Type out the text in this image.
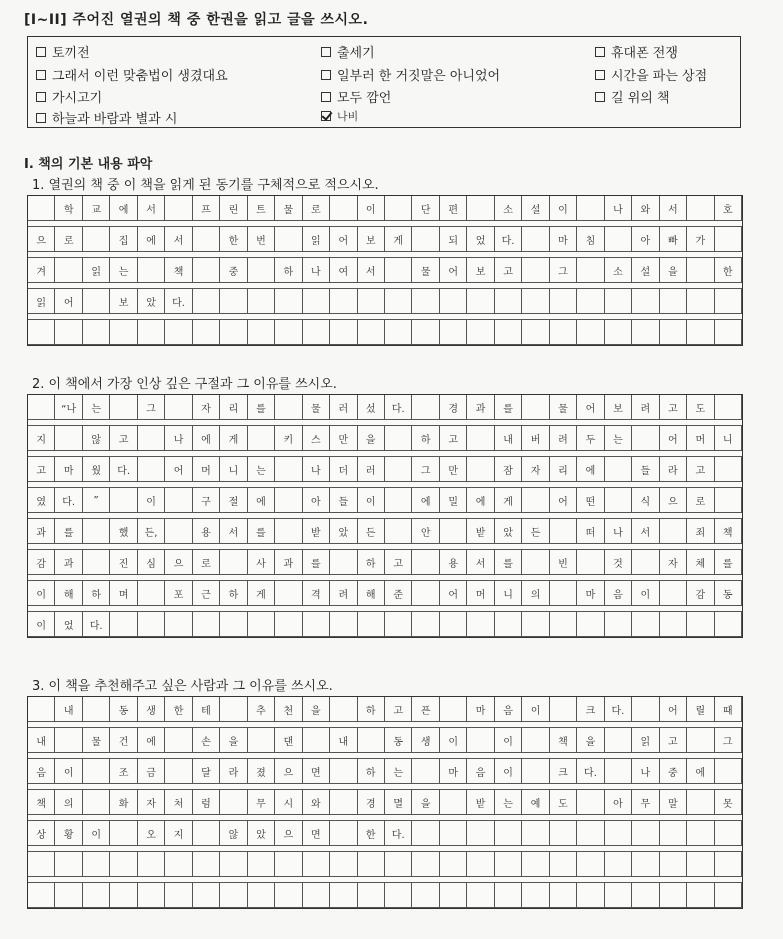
[I~II] 주어진 열권의 책 중 한권을 읽고 글을 쓰시오.
토끼전
그래서 이런 맞춤법이 생겼대요
가시고기
하늘과 바람과 별과 시
출세기
일부러 한 거짓말은 아니었어
모두 깜언
나비
휴대폰 전쟁
시간을 파는 상점
길 위의 책
I. 책의 기본 내용 파악
1. 열권의 책 중 이 책을 읽게 된 동기를 구체적으로 적으시오.
학	교	에	서	프	린	트	물	로	이	단	편	소	설	이	나	와	서	호
으	로	집	에	서	한	번	읽	어	보	게	되	었	다.	마	침	아	빠	가
겨	읽	는	책	중	하	나	여	서	물	어	보	고	그	소	설	을	한
읽	어	보	았	다.
2. 이 책에서 가장 인상 깊은 구절과 그 이유를 쓰시오.
“나	는	그	자	리	를	물	러	섰	다.	경	과	를	물	어	보	려	고	도
지	않	고	나	에	게	키	스	만	을	하	고	내	버	려	두	는	어	머	니
고	마	웠	다.	어	머	니	는	나	더	러	그	만	잠	자	리	에	들	라	고
였	다.	”	이	구	절	에	아	들	이	에	밀	에	게	어	떤	식	으	로
과	를	했	든,	용	서	를	받	았	든	안	받	았	든	떠	나	서	죄	책
감	과	진	심	으	로	사	과	를	하	고	용	서	를	빈	것	자	체	를
이	해	하	며	포	근	하	게	격	려	해	준	어	머	니	의	마	음	이	감	동
이	었	다.
3. 이 책을 추천해주고 싶은 사람과 그 이유를 쓰시오.
내	동	생	한	테	추	천	을	하	고	픈	마	음	이	크	다.	어	릴	때
내	물	건	에	손	을	댄	내	동	생	이	이	책	을	읽	고	그
음	이	조	금	달	라	졌	으	면	하	는	마	음	이	크	다.	나	중	에
책	의	화	자	처	럼	무	시	와	경	멸	을	받	는	예	도	아	무	말	못
상	황	이	오	지	않	았	으	면	한	다.
